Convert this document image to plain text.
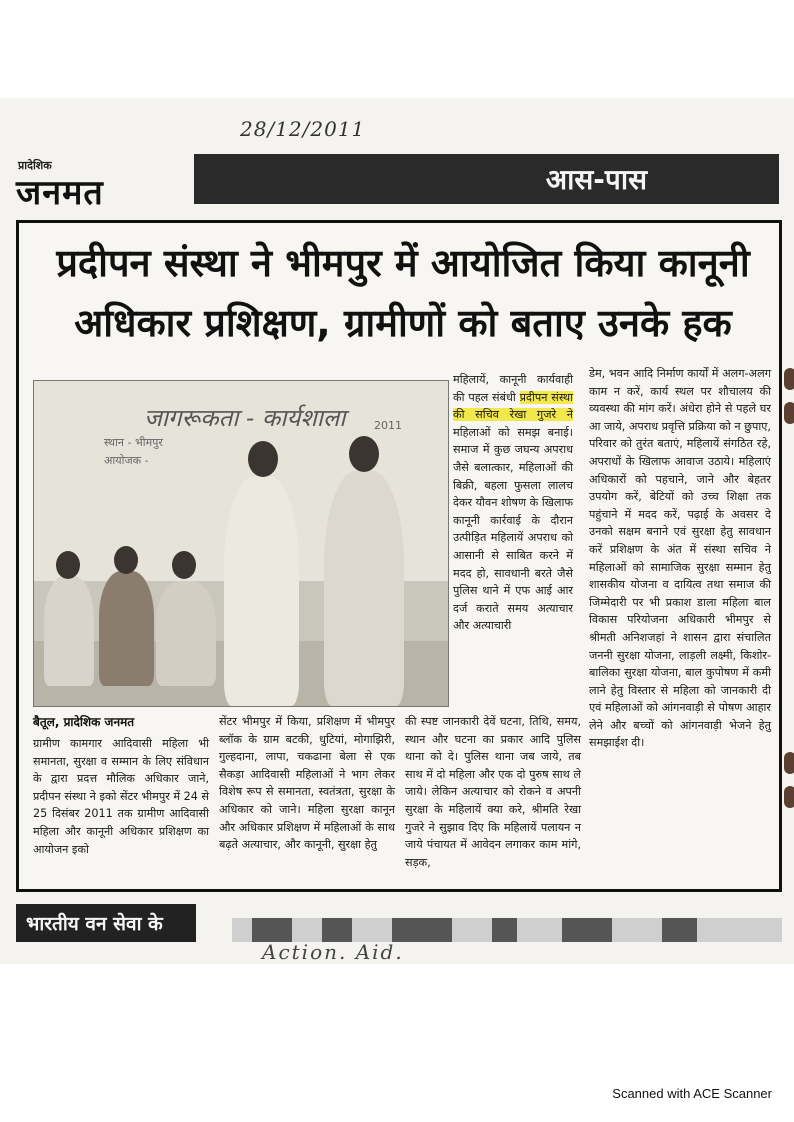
28/12/2011
प्रादेशिक
जनमत	आस-पास
प्रदीपन संस्था ने भीमपुर में आयोजित किया कानूनी
अधिकार प्रशिक्षण, ग्रामीणों को बताए उनके हक
जागरूकता - कार्यशाला
स्थान - भीमपुर
आयोजक -
2011
बैतूल, प्रादेशिक जनमत
ग्रामीण कामगार आदिवासी महिला भी समानता, सुरक्षा व सम्मान के लिए संविधान के द्वारा प्रदत्त मौलिक अधिकार जाने, प्रदीपन संस्था ने इको सेंटर भीमपुर में 24 से 25 दिसंबर 2011 तक ग्रामीण आदिवासी महिला और कानूनी अधिकार प्रशिक्षण का आयोजन इको
सेंटर भीमपुर में किया, प्रशिक्षण में भीमपुर ब्लॉक के ग्राम बटकी, धुटियां, मोगाझिरी, गुल्हदाना, लापा, चकढाना बेला से एक सैकड़ा आदिवासी महिलाओं ने भाग लेकर विशेष रूप से समानता, स्वतंत्रता, सुरक्षा के अधिकार को जाने। महिला सुरक्षा कानून और अधिकार प्रशिक्षण में महिलाओं के साथ बढ़ते अत्याचार, और कानूनी, सुरक्षा हेतु
महिलायें, कानूनी कार्यवाही की पहल संबंधी प्रदीपन संस्था की सचिव रेखा गुजरे ने महिलाओं को समझ बनाई। समाज में कुछ जघन्य अपराध जैसे बलात्कार, महिलाओं की बिक्री, बहला फुसला लालच देकर यौवन शोषण के खिलाफ कानूनी कार्रवाई के दौरान उत्पीड़ित महिलायें अपराध को आसानी से साबित करने में मदद हो, सावधानी बरते जैसे पुलिस थाने में एफ आई आर दर्ज कराते समय अत्याचार और अत्याचारी
की स्पष्ट जानकारी देवें घटना, तिथि, समय, स्थान और घटना का प्रकार आदि पुलिस थाना को दे। पुलिस थाना जब जाये, तब साथ में दो महिला और एक दो पुरुष साथ ले जाये। लेकिन अत्याचार को रोकने व अपनी सुरक्षा के महिलायें क्या करे, श्रीमति रेखा गुजरे ने सुझाव दिए कि महिलायें पलायन न जाये पंचायत में आवेदन लगाकर काम मांगे, सड़क,
डेम, भवन आदि निर्माण कार्यों में अलग-अलग काम न करें, कार्य स्थल पर शौचालय की व्यवस्था की मांग करें। अंधेरा होने से पहले घर आ जाये, अपराध प्रवृत्ति प्रक्रिया को न छुपाए, परिवार को तुरंत बताएं, महिलायें संगठित रहे, अपराधों के खिलाफ आवाज उठाये। महिलाएं अधिकारों को पहचाने, जाने और बेहतर उपयोग करें, बेटियों को उच्च शिक्षा तक पहुंचाने में मदद करें, पढ़ाई के अवसर दे उनको सक्षम बनाने एवं सुरक्षा हेतु सावधान करें प्रशिक्षण के अंत में संस्था सचिव ने महिलाओं को सामाजिक सुरक्षा सम्मान हेतु शासकीय योजना व दायित्व तथा समाज की जिम्मेदारी पर भी प्रकाश डाला महिला बाल विकास परियोजना अधिकारी भीमपुर से श्रीमती अनिशजहां ने शासन द्वारा संचालित जननी सुरक्षा योजना, लाड़ली लक्ष्मी, किशोर-बालिका सुरक्षा योजना, बाल कुपोषण में कमी लाने हेतु विस्तार से महिला को जानकारी दी एवं महिलाओं को आंगनवाड़ी से पोषण आहार लेने और बच्चों को आंगनवाड़ी भेजने हेतु समझाईश दी।
भारतीय वन सेवा के
Action. Aid.
Scanned with ACE Scanner
